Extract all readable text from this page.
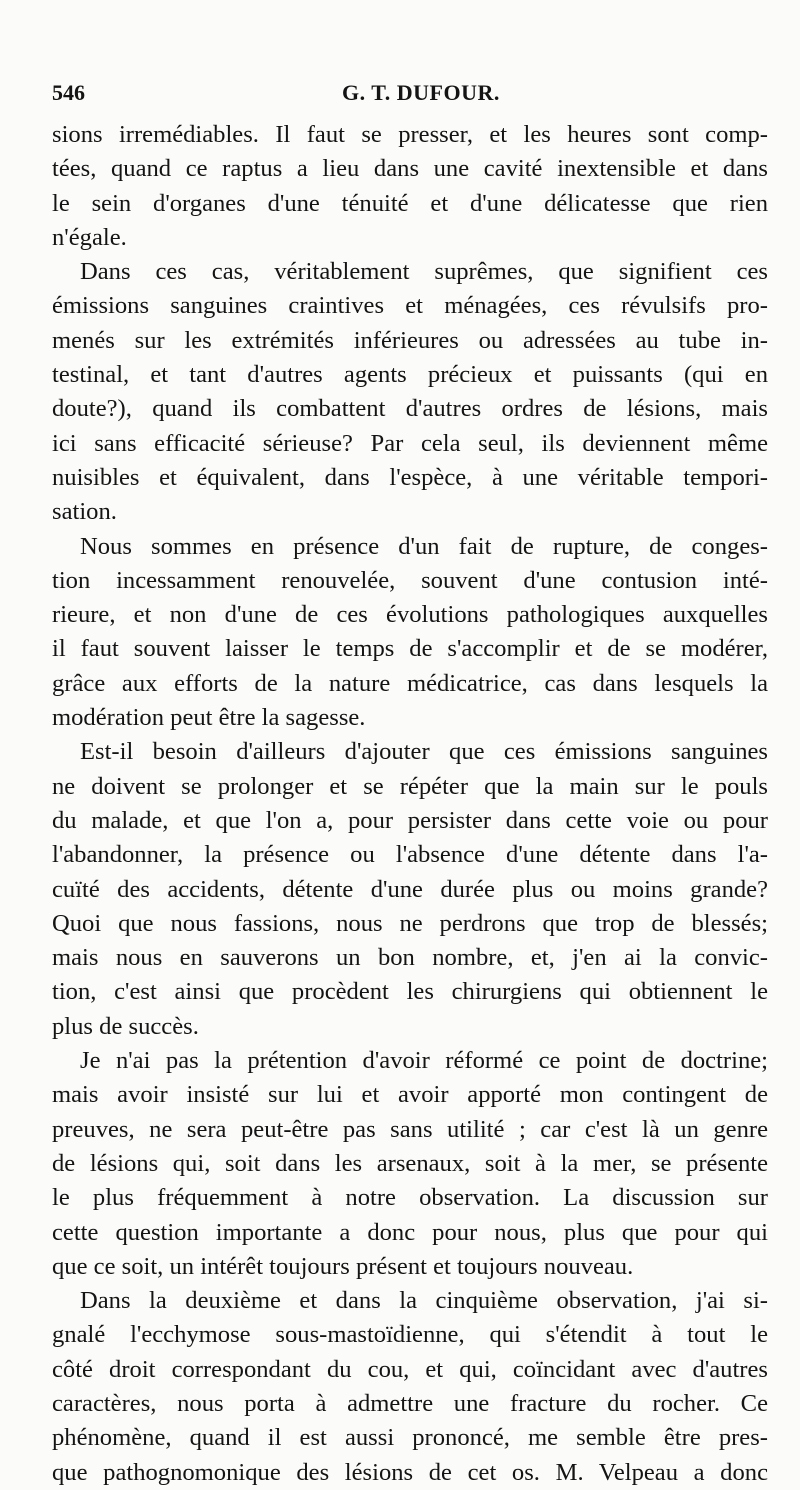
546	G. T. DUFOUR.

sions irremédiables. Il faut se presser, et les heures sont comp-

tées, quand ce raptus a lieu dans une cavité inextensible et dans

le sein d'organes d'une ténuité et d'une délicatesse que rien

n'égale.

Dans ces cas, véritablement suprêmes, que signifient ces

émissions sanguines craintives et ménagées, ces révulsifs pro-

menés sur les extrémités inférieures ou adressées au tube in-

testinal, et tant d'autres agents précieux et puissants (qui en

doute?), quand ils combattent d'autres ordres de lésions, mais

ici sans efficacité sérieuse? Par cela seul, ils deviennent même

nuisibles et équivalent, dans l'espèce, à une véritable tempori-

sation.

Nous sommes en présence d'un fait de rupture, de conges-

tion incessamment renouvelée, souvent d'une contusion inté-

rieure, et non d'une de ces évolutions pathologiques auxquelles

il faut souvent laisser le temps de s'accomplir et de se modérer,

grâce aux efforts de la nature médicatrice, cas dans lesquels la

modération peut être la sagesse.

Est-il besoin d'ailleurs d'ajouter que ces émissions sanguines

ne doivent se prolonger et se répéter que la main sur le pouls

du malade, et que l'on a, pour persister dans cette voie ou pour

l'abandonner, la présence ou l'absence d'une détente dans l'a-

cuïté des accidents, détente d'une durée plus ou moins grande?

Quoi que nous fassions, nous ne perdrons que trop de blessés;

mais nous en sauverons un bon nombre, et, j'en ai la convic-

tion, c'est ainsi que procèdent les chirurgiens qui obtiennent le

plus de succès.

Je n'ai pas la prétention d'avoir réformé ce point de doctrine;

mais avoir insisté sur lui et avoir apporté mon contingent de

preuves, ne sera peut-être pas sans utilité ; car c'est là un genre

de lésions qui, soit dans les arsenaux, soit à la mer, se présente

le plus fréquemment à notre observation. La discussion sur

cette question importante a donc pour nous, plus que pour qui

que ce soit, un intérêt toujours présent et toujours nouveau.

Dans la deuxième et dans la cinquième observation, j'ai si-

gnalé l'ecchymose sous-mastoïdienne, qui s'étendit à tout le

côté droit correspondant du cou, et qui, coïncidant avec d'autres

caractères, nous porta à admettre une fracture du rocher. Ce

phénomène, quand il est aussi prononcé, me semble être pres-

que pathognomonique des lésions de cet os. M. Velpeau a donc
